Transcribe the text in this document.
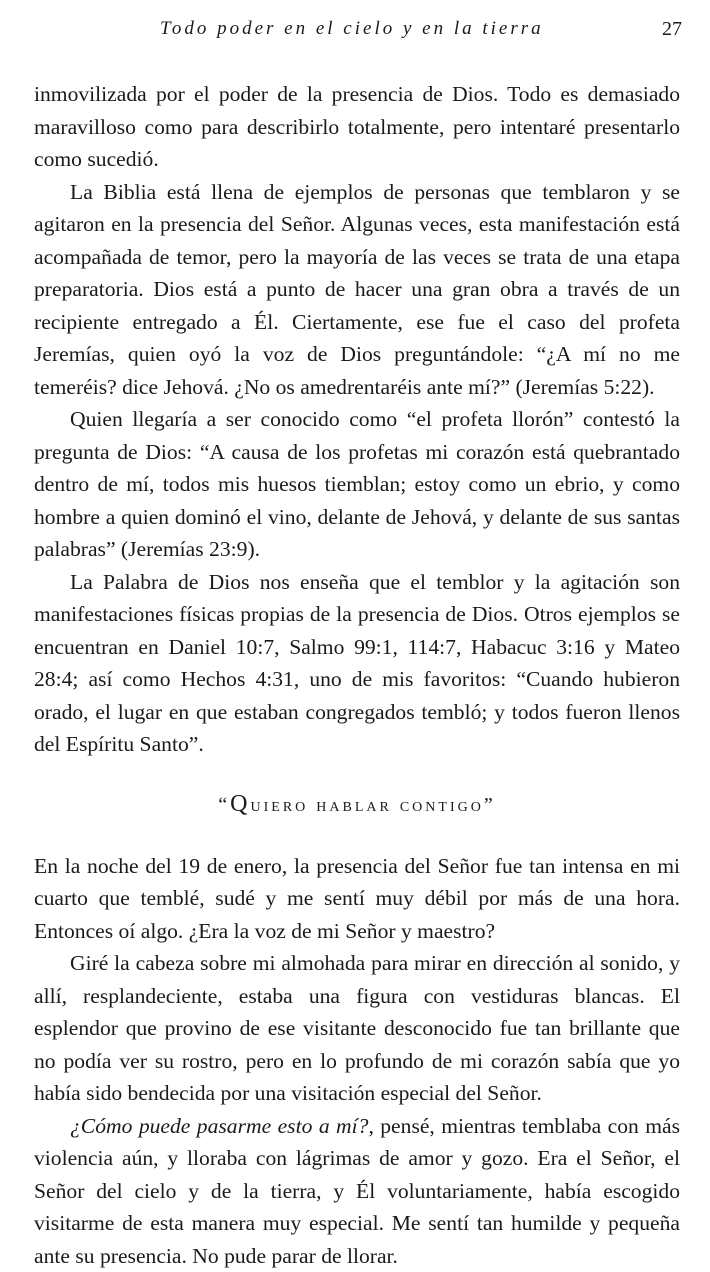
Todo poder en el cielo y en la tierra	27

inmovilizada por el poder de la presencia de Dios. Todo es demasiado maravilloso como para describirlo totalmente, pero intentaré presentarlo como sucedió.

La Biblia está llena de ejemplos de personas que temblaron y se agitaron en la presencia del Señor. Algunas veces, esta manifestación está acompañada de temor, pero la mayoría de las veces se trata de una etapa preparatoria. Dios está a punto de hacer una gran obra a través de un recipiente entregado a Él. Ciertamente, ese fue el caso del profeta Jeremías, quien oyó la voz de Dios preguntándole: “¿A mí no me temeréis? dice Jehová. ¿No os amedrentaréis ante mí?” (Jeremías 5:22).

Quien llegaría a ser conocido como “el profeta llorón” contestó la pregunta de Dios: “A causa de los profetas mi corazón está quebrantado dentro de mí, todos mis huesos tiemblan; estoy como un ebrio, y como hombre a quien dominó el vino, delante de Jehová, y delante de sus santas palabras” (Jeremías 23:9).

La Palabra de Dios nos enseña que el temblor y la agitación son manifestaciones físicas propias de la presencia de Dios. Otros ejemplos se encuentran en Daniel 10:7, Salmo 99:1, 114:7, Habacuc 3:16 y Mateo 28:4; así como Hechos 4:31, uno de mis favoritos: “Cuando hubieron orado, el lugar en que estaban congregados tembló; y todos fueron llenos del Espíritu Santo”.

“Quiero hablar contigo”

En la noche del 19 de enero, la presencia del Señor fue tan intensa en mi cuarto que temblé, sudé y me sentí muy débil por más de una hora. Entonces oí algo. ¿Era la voz de mi Señor y maestro?

Giré la cabeza sobre mi almohada para mirar en dirección al sonido, y allí, resplandeciente, estaba una figura con vestiduras blancas. El esplendor que provino de ese visitante desconocido fue tan brillante que no podía ver su rostro, pero en lo profundo de mi corazón sabía que yo había sido bendecida por una visitación especial del Señor.

¿Cómo puede pasarme esto a mí?, pensé, mientras temblaba con más violencia aún, y lloraba con lágrimas de amor y gozo. Era el Señor, el Señor del cielo y de la tierra, y Él voluntariamente, había escogido visitarme de esta manera muy especial. Me sentí tan humilde y pequeña ante su presencia. No pude parar de llorar.
